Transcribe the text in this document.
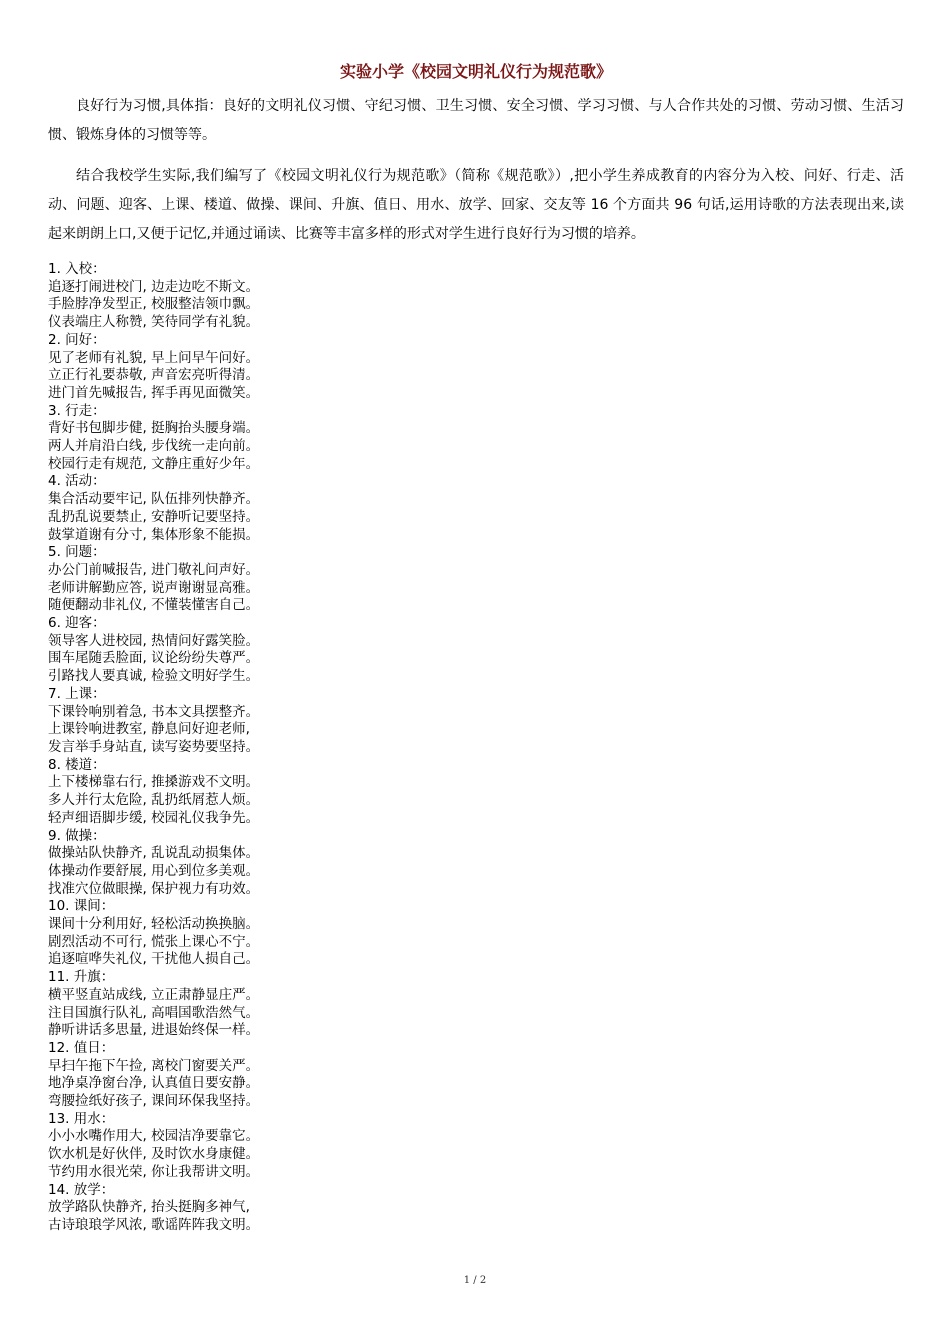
实验小学《校园文明礼仪行为规范歌》

良好行为习惯,具体指：良好的文明礼仪习惯、守纪习惯、卫生习惯、安全习惯、学习习惯、与人合作共处的习惯、劳动习惯、生活习惯、锻炼身体的习惯等等。

结合我校学生实际,我们编写了《校园文明礼仪行为规范歌》（简称《规范歌》）,把小学生养成教育的内容分为入校、问好、行走、活动、问题、迎客、上课、楼道、做操、课间、升旗、值日、用水、放学、回家、交友等 16 个方面共 96 句话,运用诗歌的方法表现出来,读起来朗朗上口,又便于记忆,并通过诵读、比赛等丰富多样的形式对学生进行良好行为习惯的培养。

1. 入校：
追逐打闹进校门, 边走边吃不斯文。
手脸脖净发型正, 校服整洁领巾飘。
仪表端庄人称赞, 笑待同学有礼貌。
2. 问好：
见了老师有礼貌, 早上问早午问好。
立正行礼要恭敬, 声音宏亮听得清。
进门首先喊报告, 挥手再见面微笑。
3. 行走：
背好书包脚步健, 挺胸抬头腰身端。
两人并肩沿白线, 步伐统一走向前。
校园行走有规范, 文静庄重好少年。
4. 活动：
集合活动要牢记, 队伍排列快静齐。
乱扔乱说要禁止, 安静听记要坚持。
鼓掌道谢有分寸, 集体形象不能损。
5. 问题：
办公门前喊报告, 进门敬礼问声好。
老师讲解勤应答, 说声谢谢显高雅。
随便翻动非礼仪, 不懂装懂害自己。
6. 迎客：
领导客人进校园, 热情问好露笑脸。
围车尾随丢脸面, 议论纷纷失尊严。
引路找人要真诚, 检验文明好学生。
7. 上课：
下课铃响别着急, 书本文具摆整齐。
上课铃响进教室, 静息问好迎老师,
发言举手身站直, 读写姿势要坚持。
8. 楼道：
上下楼梯靠右行, 推搡游戏不文明。
多人并行太危险, 乱扔纸屑惹人烦。
轻声细语脚步缓, 校园礼仪我争先。
9. 做操：
做操站队快静齐, 乱说乱动损集体。
体操动作要舒展, 用心到位多美观。
找准穴位做眼操, 保护视力有功效。
10. 课间：
课间十分利用好, 轻松活动换换脑。
剧烈活动不可行, 慌张上课心不宁。
追逐喧哗失礼仪, 干扰他人损自己。
11. 升旗：
横平竖直站成线, 立正肃静显庄严。
注目国旗行队礼, 高唱国歌浩然气。
静听讲话多思量, 进退始终保一样。
12. 值日：
早扫午拖下午捡, 离校门窗要关严。
地净桌净窗台净, 认真值日要安静。
弯腰捡纸好孩子, 课间环保我坚持。
13. 用水：
小小水嘴作用大, 校园洁净要靠它。
饮水机是好伙伴, 及时饮水身康健。
节约用水很光荣, 你让我帮讲文明。
14. 放学：
放学路队快静齐, 抬头挺胸多神气,
古诗琅琅学风浓, 歌谣阵阵我文明。
1 / 2
